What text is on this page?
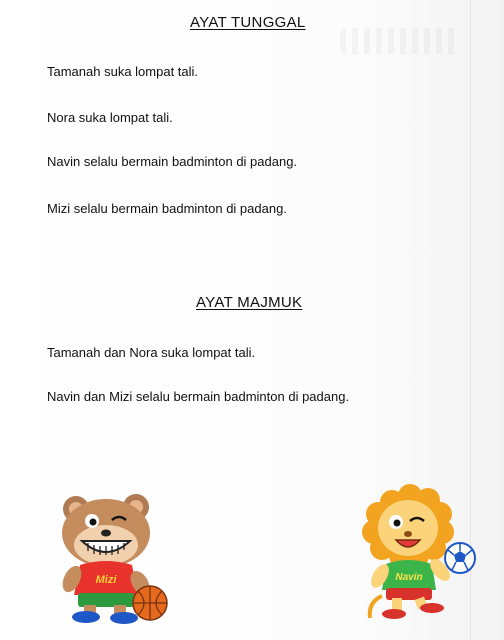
AYAT TUNGGAL
Tamanah suka lompat tali.
Nora suka lompat tali.
Navin selalu bermain badminton di padang.
Mizi selalu bermain badminton di padang.
AYAT MAJMUK
Tamanah dan Nora suka lompat tali.
Navin dan Mizi selalu bermain badminton di padang.
Mizi	Navin
